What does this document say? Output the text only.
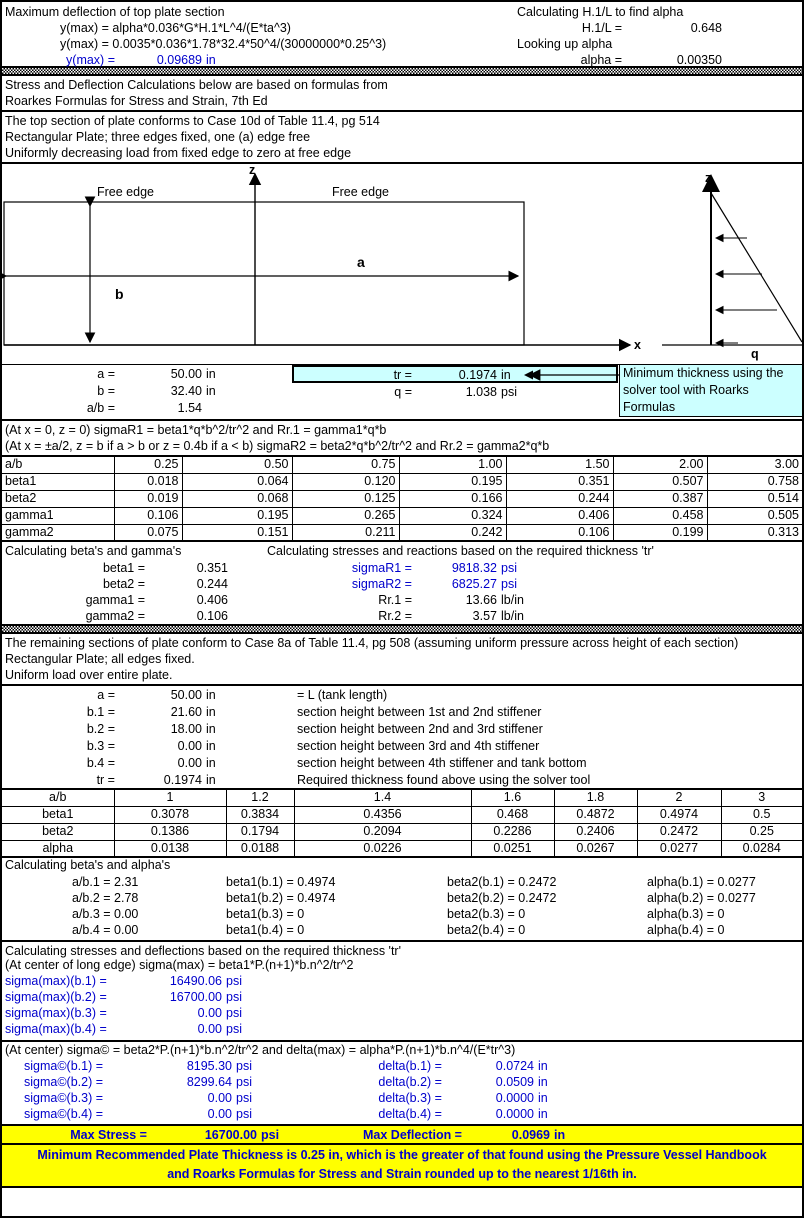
Maximum deflection of top plate section	Calculating H.1/L to find alpha
y(max) = alpha*0.036*G*H.1*L^4/(E*ta^3)	H.1/L =	0.648
y(max) = 0.0035*0.036*1.78*32.4*50^4/(30000000*0.25^3)	Looking up alpha
y(max) =	0.09689 in	alpha =	0.00350
Stress and Deflection Calculations below are based on formulas from
Roarkes Formulas for Stress and Strain, 7th Ed
The top section of plate conforms to Case 10d of Table 11.4, pg 514
Rectangular Plate; three edges fixed, one (a) edge free
Uniformly decreasing load from fixed edge to zero at free edge
z
x
Free edge	Free edge
a
b
z
q
Minimum thickness using the solver tool with Roarks Formulas
a =	50.00 in
b =	32.40 in
a/b =	1.54
tr =	0.1974 in
q =	1.038 psi
(At x = 0, z = 0) sigmaR1 = beta1*q*b^2/tr^2 and Rr.1 = gamma1*q*b
(At x = ±a/2, z = b if a > b or z = 0.4b if a < b) sigmaR2 = beta2*q*b^2/tr^2 and Rr.2 = gamma2*q*b
a/b	0.25	0.50	0.75	1.00	1.50	2.00	3.00
beta1	0.018	0.064	0.120	0.195	0.351	0.507	0.758
beta2	0.019	0.068	0.125	0.166	0.244	0.387	0.514
gamma1	0.106	0.195	0.265	0.324	0.406	0.458	0.505
gamma2	0.075	0.151	0.211	0.242	0.106	0.199	0.313
Calculating beta's and gamma's	Calculating stresses and reactions based on the required thickness 'tr'
beta1 =	0.351
beta2 =	0.244
gamma1 =	0.406
gamma2 =	0.106
sigmaR1 =	9818.32 psi
sigmaR2 =	6825.27 psi
Rr.1 =	13.66 lb/in
Rr.2 =	3.57 lb/in
The remaining sections of plate conform to Case 8a of Table 11.4, pg 508 (assuming uniform pressure across height of each section)
Rectangular Plate; all edges fixed.
Uniform load over entire plate.
a =	50.00 in	= L (tank length)
b.1 =	21.60 in	section height between 1st and 2nd stiffener
b.2 =	18.00 in	section height between 2nd and 3rd stiffener
b.3 =	0.00 in	section height between 3rd and 4th stiffener
b.4 =	0.00 in	section height between 4th stiffener and tank bottom
tr =	0.1974 in	Required thickness found above using the solver tool
a/b	1	1.2	1.4	1.6	1.8	2	3
beta1	0.3078	0.3834	0.4356	0.468	0.4872	0.4974	0.5
beta2	0.1386	0.1794	0.2094	0.2286	0.2406	0.2472	0.25
alpha	0.0138	0.0188	0.0226	0.0251	0.0267	0.0277	0.0284
Calculating beta's and alpha's
a/b.1 = 2.31	beta1(b.1) = 0.4974	beta2(b.1) = 0.2472	alpha(b.1) = 0.0277
a/b.2 = 2.78	beta1(b.2) = 0.4974	beta2(b.2) = 0.2472	alpha(b.2) = 0.0277
a/b.3 = 0.00	beta1(b.3) = 0	beta2(b.3) = 0	alpha(b.3) = 0
a/b.4 = 0.00	beta1(b.4) = 0	beta2(b.4) = 0	alpha(b.4) = 0
Calculating stresses and deflections based on the required thickness 'tr'
(At center of long edge) sigma(max) = beta1*P.(n+1)*b.n^2/tr^2
sigma(max)(b.1) =	16490.06 psi
sigma(max)(b.2) =	16700.00 psi
sigma(max)(b.3) =	0.00 psi
sigma(max)(b.4) =	0.00 psi
(At center) sigma© = beta2*P.(n+1)*b.n^2/tr^2 and delta(max) = alpha*P.(n+1)*b.n^4/(E*tr^3)
sigma©(b.1) =	8195.30 psi	delta(b.1) =	0.0724 in
sigma©(b.2) =	8299.64 psi	delta(b.2) =	0.0509 in
sigma©(b.3) =	0.00 psi	delta(b.3) =	0.0000 in
sigma©(b.4) =	0.00 psi	delta(b.4) =	0.0000 in
Max Stress =	16700.00 psi	Max Deflection =	0.0969 in
Minimum Recommended Plate Thickness is 0.25 in, which is the greater of that found using the Pressure Vessel Handbook
and Roarks Formulas for Stress and Strain rounded up to the nearest 1/16th in.
